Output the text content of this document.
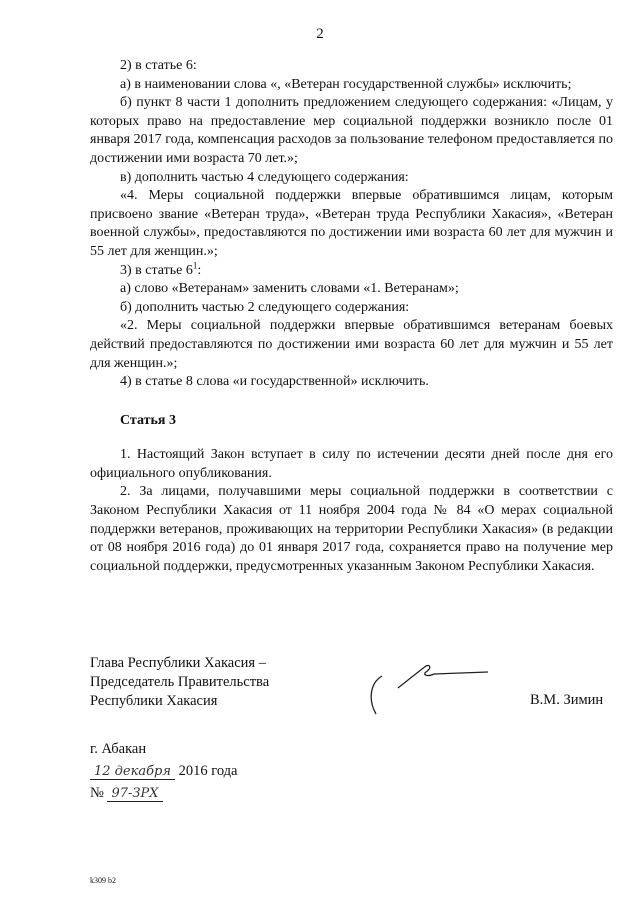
2

2) в статье 6:

а) в наименовании слова «, «Ветеран государственной службы» исключить;

б) пункт 8 части 1 дополнить предложением следующего содержания: «Лицам, у которых право на предоставление мер социальной поддержки возникло после 01 января 2017 года, компенсация расходов за пользование телефоном предоставляется по достижении ими возраста 70 лет.»;

в) дополнить частью 4 следующего содержания:

«4. Меры социальной поддержки впервые обратившимся лицам, которым присвоено звание «Ветеран труда», «Ветеран труда Республики Хакасия», «Ветеран военной службы», предоставляются по достижении ими возраста 60 лет для мужчин и 55 лет для женщин.»;

3) в статье $6^1$:

а) слово «Ветеранам» заменить словами «1. Ветеранам»;

б) дополнить частью 2 следующего содержания:

«2. Меры социальной поддержки впервые обратившимся ветеранам боевых действий предоставляются по достижении ими возраста 60 лет для мужчин и 55 лет для женщин.»;

4) в статье 8 слова «и государственной» исключить.

Статья 3

1. Настоящий Закон вступает в силу по истечении десяти дней после дня его официального опубликования.

2. За лицами, получавшими меры социальной поддержки в соответствии с Законом Республики Хакасия от 11 ноября 2004 года № 84 «О мерах социальной поддержки ветеранов, проживающих на территории Республики Хакасия» (в редакции от 08 ноября 2016 года) до 01 января 2017 года, сохраняется право на получение мер социальной поддержки, предусмотренных указанным Законом Республики Хакасия.

Глава Республики Хакасия –
Председатель Правительства
Республики Хакасия	В.М. Зимин
г. Абакан
12 декабря 2016 года
№ 97-ЗРХ
k309 b2
